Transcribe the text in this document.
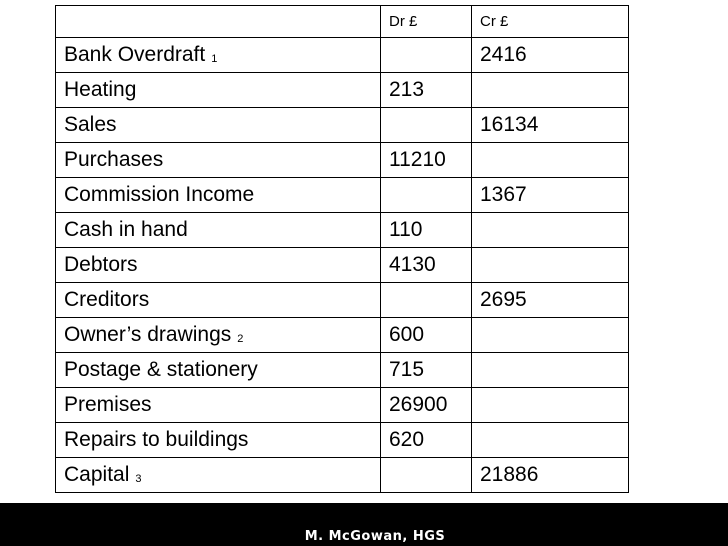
	Dr £	Cr £
Bank Overdraft 1		2416
Heating	213	
Sales		16134
Purchases	11210	
Commission Income		1367
Cash in hand	110	
Debtors	4130	
Creditors		2695
Owner’s drawings 2	600	
Postage & stationery	715	
Premises	26900	
Repairs to buildings	620	
Capital 3		21886
M. McGowan, HGS
